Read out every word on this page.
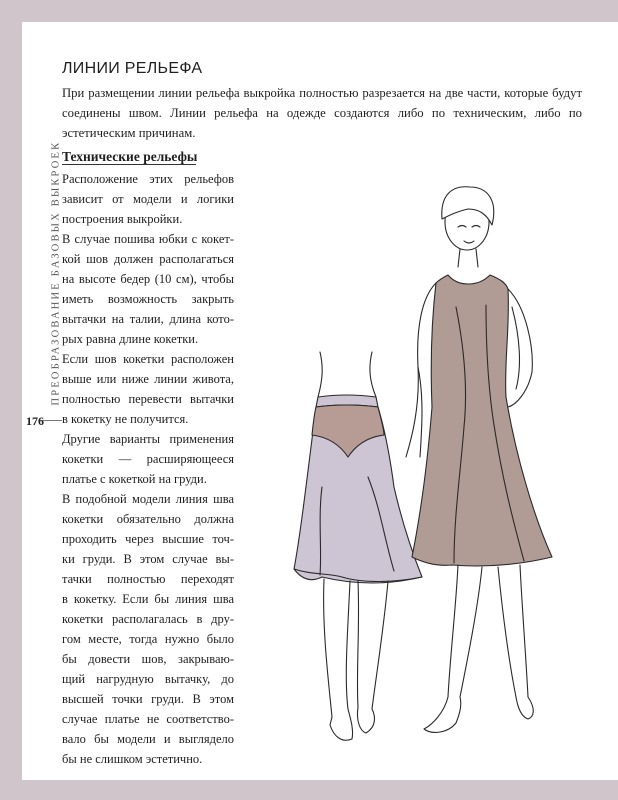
ПРЕОБРАЗОВАНИЕ БАЗОВЫХ ВЫКРОЕК
176
ЛИНИИ РЕЛЬЕФА

При размещении линии рельефа выкройка полностью разрезается на две части, которые будут соединены швом. Линии рельефа на одежде создаются либо по техническим, либо по эстетическим причинам.

Технические рельефы
Расположение этих рельефов
зависит от модели и логики
построения выкройки.
В случае пошива юбки с кокет-
кой шов должен располагаться
на высоте бедер (10 см), чтобы
иметь возможность закрыть
вытачки на талии, длина кото-
рых равна длине кокетки.
Если шов кокетки расположен
выше или ниже линии живота,
полностью перевести вытачки
в кокетку не получится.
Другие варианты применения
кокетки — расширяющееся
платье с кокеткой на груди.
В подобной модели линия шва
кокетки обязательно должна
проходить через высшие точ-
ки груди. В этом случае вы-
тачки полностью переходят
в кокетку. Если бы линия шва
кокетки располагалась в дру-
гом месте, тогда нужно было
бы довести шов, закрываю-
щий нагрудную вытачку, до
высшей точки груди. В этом
случае платье не соответство-
вало бы модели и выглядело
бы не слишком эстетично.
